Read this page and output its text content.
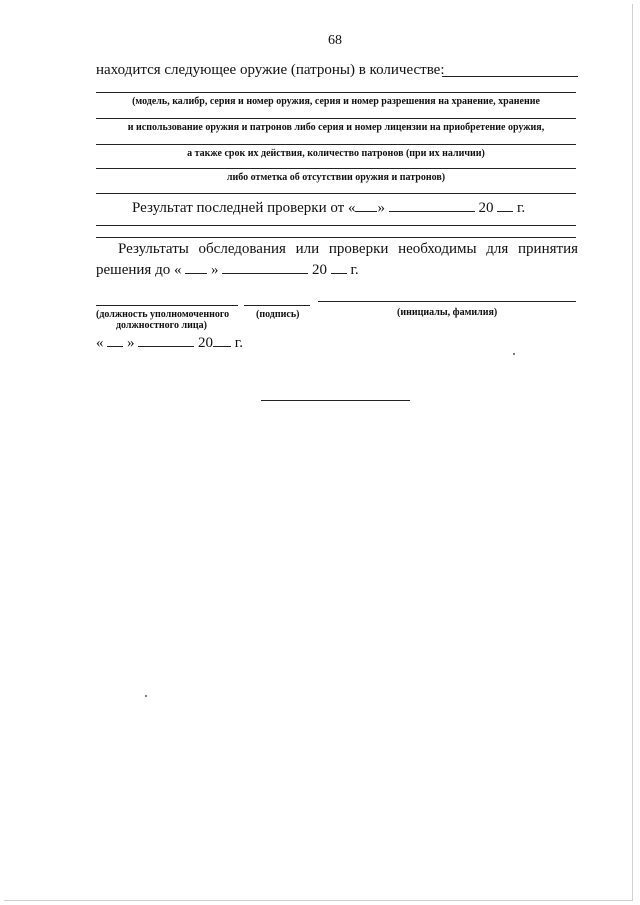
68
находится следующее оружие (патроны) в количестве:
(модель, калибр, серия и номер оружия, серия и номер разрешения на хранение, хранение
и использование оружия и патронов либо серия и номер лицензии на приобретение оружия,
а также срок их действия, количество патронов (при их наличии)
либо отметка об отсутствии оружия и патронов)
Результат последней проверки от « »	20 г.
Результаты обследования или проверки необходимы для принятия
решения до « »	20 г.
(должность уполномоченного
должностного лица)
(подпись)	(инициалы, фамилия)
« »	20 г.
